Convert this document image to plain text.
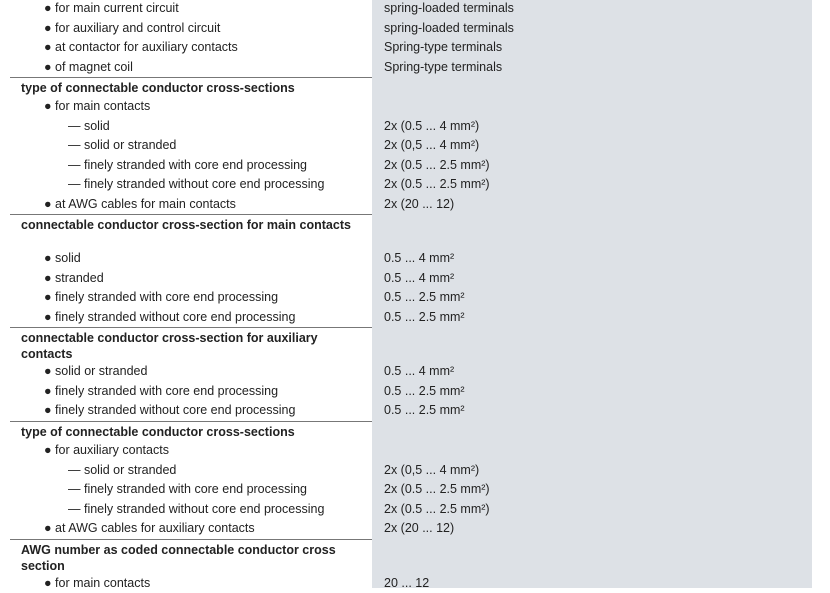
● for main current circuit	spring-loaded terminals
● for auxiliary and control circuit	spring-loaded terminals
● at contactor for auxiliary contacts	Spring-type terminals
● of magnet coil	Spring-type terminals
type of connectable conductor cross-sections
● for main contacts
— solid	2x (0.5 ... 4 mm²)
— solid or stranded	2x (0,5 ... 4 mm²)
— finely stranded with core end processing	2x (0.5 ... 2.5 mm²)
— finely stranded without core end processing	2x (0.5 ... 2.5 mm²)
● at AWG cables for main contacts	2x (20 ... 12)
connectable conductor cross-section for main contacts
● solid	0.5 ... 4 mm²
● stranded	0.5 ... 4 mm²
● finely stranded with core end processing	0.5 ... 2.5 mm²
● finely stranded without core end processing	0.5 ... 2.5 mm²
connectable conductor cross-section for auxiliary contacts
● solid or stranded	0.5 ... 4 mm²
● finely stranded with core end processing	0.5 ... 2.5 mm²
● finely stranded without core end processing	0.5 ... 2.5 mm²
type of connectable conductor cross-sections
● for auxiliary contacts
— solid or stranded	2x (0,5 ... 4 mm²)
— finely stranded with core end processing	2x (0.5 ... 2.5 mm²)
— finely stranded without core end processing	2x (0.5 ... 2.5 mm²)
● at AWG cables for auxiliary contacts	2x (20 ... 12)
AWG number as coded connectable conductor cross section
● for main contacts	20 ... 12
